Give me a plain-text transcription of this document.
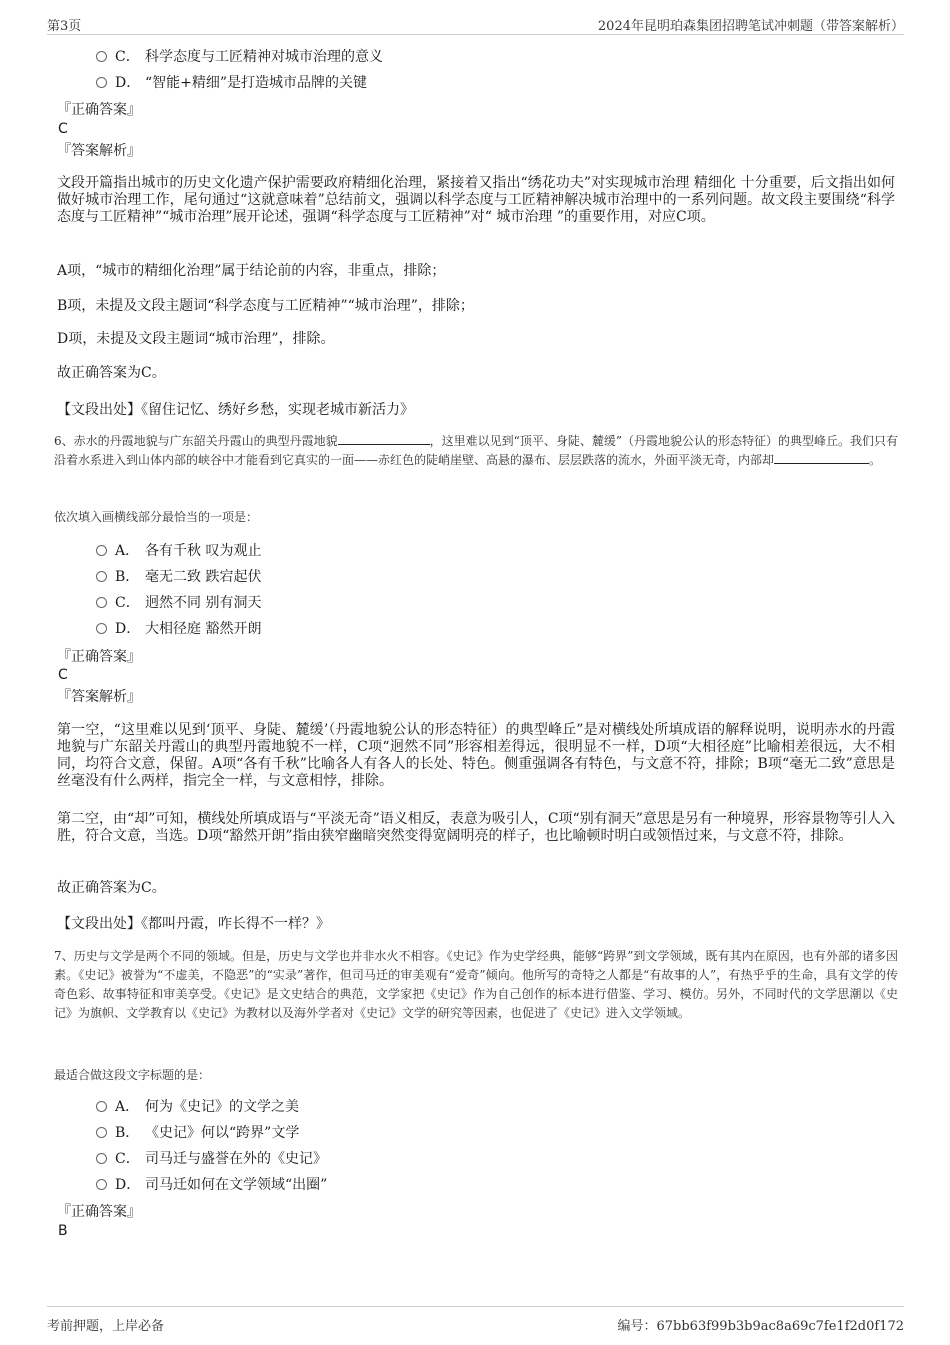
第3页	2024年昆明珀森集团招聘笔试冲刺题（带答案解析）
C． 科学态度与工匠精神对城市治理的意义
D． “智能+精细”是打造城市品牌的关键
『正确答案』
C
『答案解析』
文段开篇指出城市的历史文化遗产保护需要政府精细化治理，紧接着又指出“绣花功夫”对实现城市治理 精细化 十分重要，后文指出如何做好城市治理工作，尾句通过“这就意味着”总结前文，强调以科学态度与工匠精神解决城市治理中的一系列问题。故文段主要围绕“科学态度与工匠精神”“城市治理”展开论述，强调“科学态度与工匠精神”对“ 城市治理 ”的重要作用，对应C项。
A项，“城市的精细化治理”属于结论前的内容，非重点，排除；
B项，未提及文段主题词“科学态度与工匠精神”“城市治理”，排除；
D项，未提及文段主题词“城市治理”，排除。
故正确答案为C。
【文段出处】《留住记忆、绣好乡愁，实现老城市新活力》
6、赤水的丹霞地貌与广东韶关丹霞山的典型丹霞地貌	，这里难以见到“顶平、身陡、麓缓”（丹霞地貌公认的形态特征）的典型峰丘。我们只有沿着水系进入到山体内部的峡谷中才能看到它真实的一面——赤红色的陡峭崖壁、高悬的瀑布、层层跌落的流水，外面平淡无奇，内部却	。
依次填入画横线部分最恰当的一项是：
A． 各有千秋 叹为观止
B． 毫无二致 跌宕起伏
C． 迥然不同 别有洞天
D． 大相径庭 豁然开朗
『正确答案』
C
『答案解析』
第一空，“这里难以见到‘顶平、身陡、麓缓’（丹霞地貌公认的形态特征）的典型峰丘”是对横线处所填成语的解释说明，说明赤水的丹霞地貌与广东韶关丹霞山的典型丹霞地貌不一样，C项“迥然不同”形容相差得远，很明显不一样，D项“大相径庭”比喻相差很远，大不相同，均符合文意，保留。A项“各有千秋”比喻各人有各人的长处、特色。侧重强调各有特色，与文意不符，排除；B项“毫无二致”意思是丝毫没有什么两样，指完全一样，与文意相悖，排除。
第二空，由“却”可知，横线处所填成语与“平淡无奇”语义相反，表意为吸引人，C项“别有洞天”意思是另有一种境界，形容景物等引人入胜，符合文意，当选。D项“豁然开朗”指由狭窄幽暗突然变得宽阔明亮的样子，也比喻顿时明白或领悟过来，与文意不符，排除。
故正确答案为C。
【文段出处】《都叫丹霞，咋长得不一样？》
7、历史与文学是两个不同的领域。但是，历史与文学也并非水火不相容。《史记》作为史学经典，能够“跨界”到文学领域，既有其内在原因，也有外部的诸多因素。《史记》被誉为“不虚美，不隐恶”的“实录”著作，但司马迁的审美观有“爱奇”倾向。他所写的奇特之人都是“有故事的人”，有热乎乎的生命，具有文学的传奇色彩、故事特征和审美享受。《史记》是文史结合的典范，文学家把《史记》作为自己创作的标本进行借鉴、学习、模仿。另外，不同时代的文学思潮以《史记》为旗帜、文学教育以《史记》为教材以及海外学者对《史记》文学的研究等因素，也促进了《史记》进入文学领域。
最适合做这段文字标题的是：
A． 何为《史记》的文学之美
B． 《史记》何以“跨界”文学
C． 司马迁与盛誉在外的《史记》
D． 司马迁如何在文学领域“出圈”
『正确答案』
B
考前押题，上岸必备	编号：67bb63f99b3b9ac8a69c7fe1f2d0f172
